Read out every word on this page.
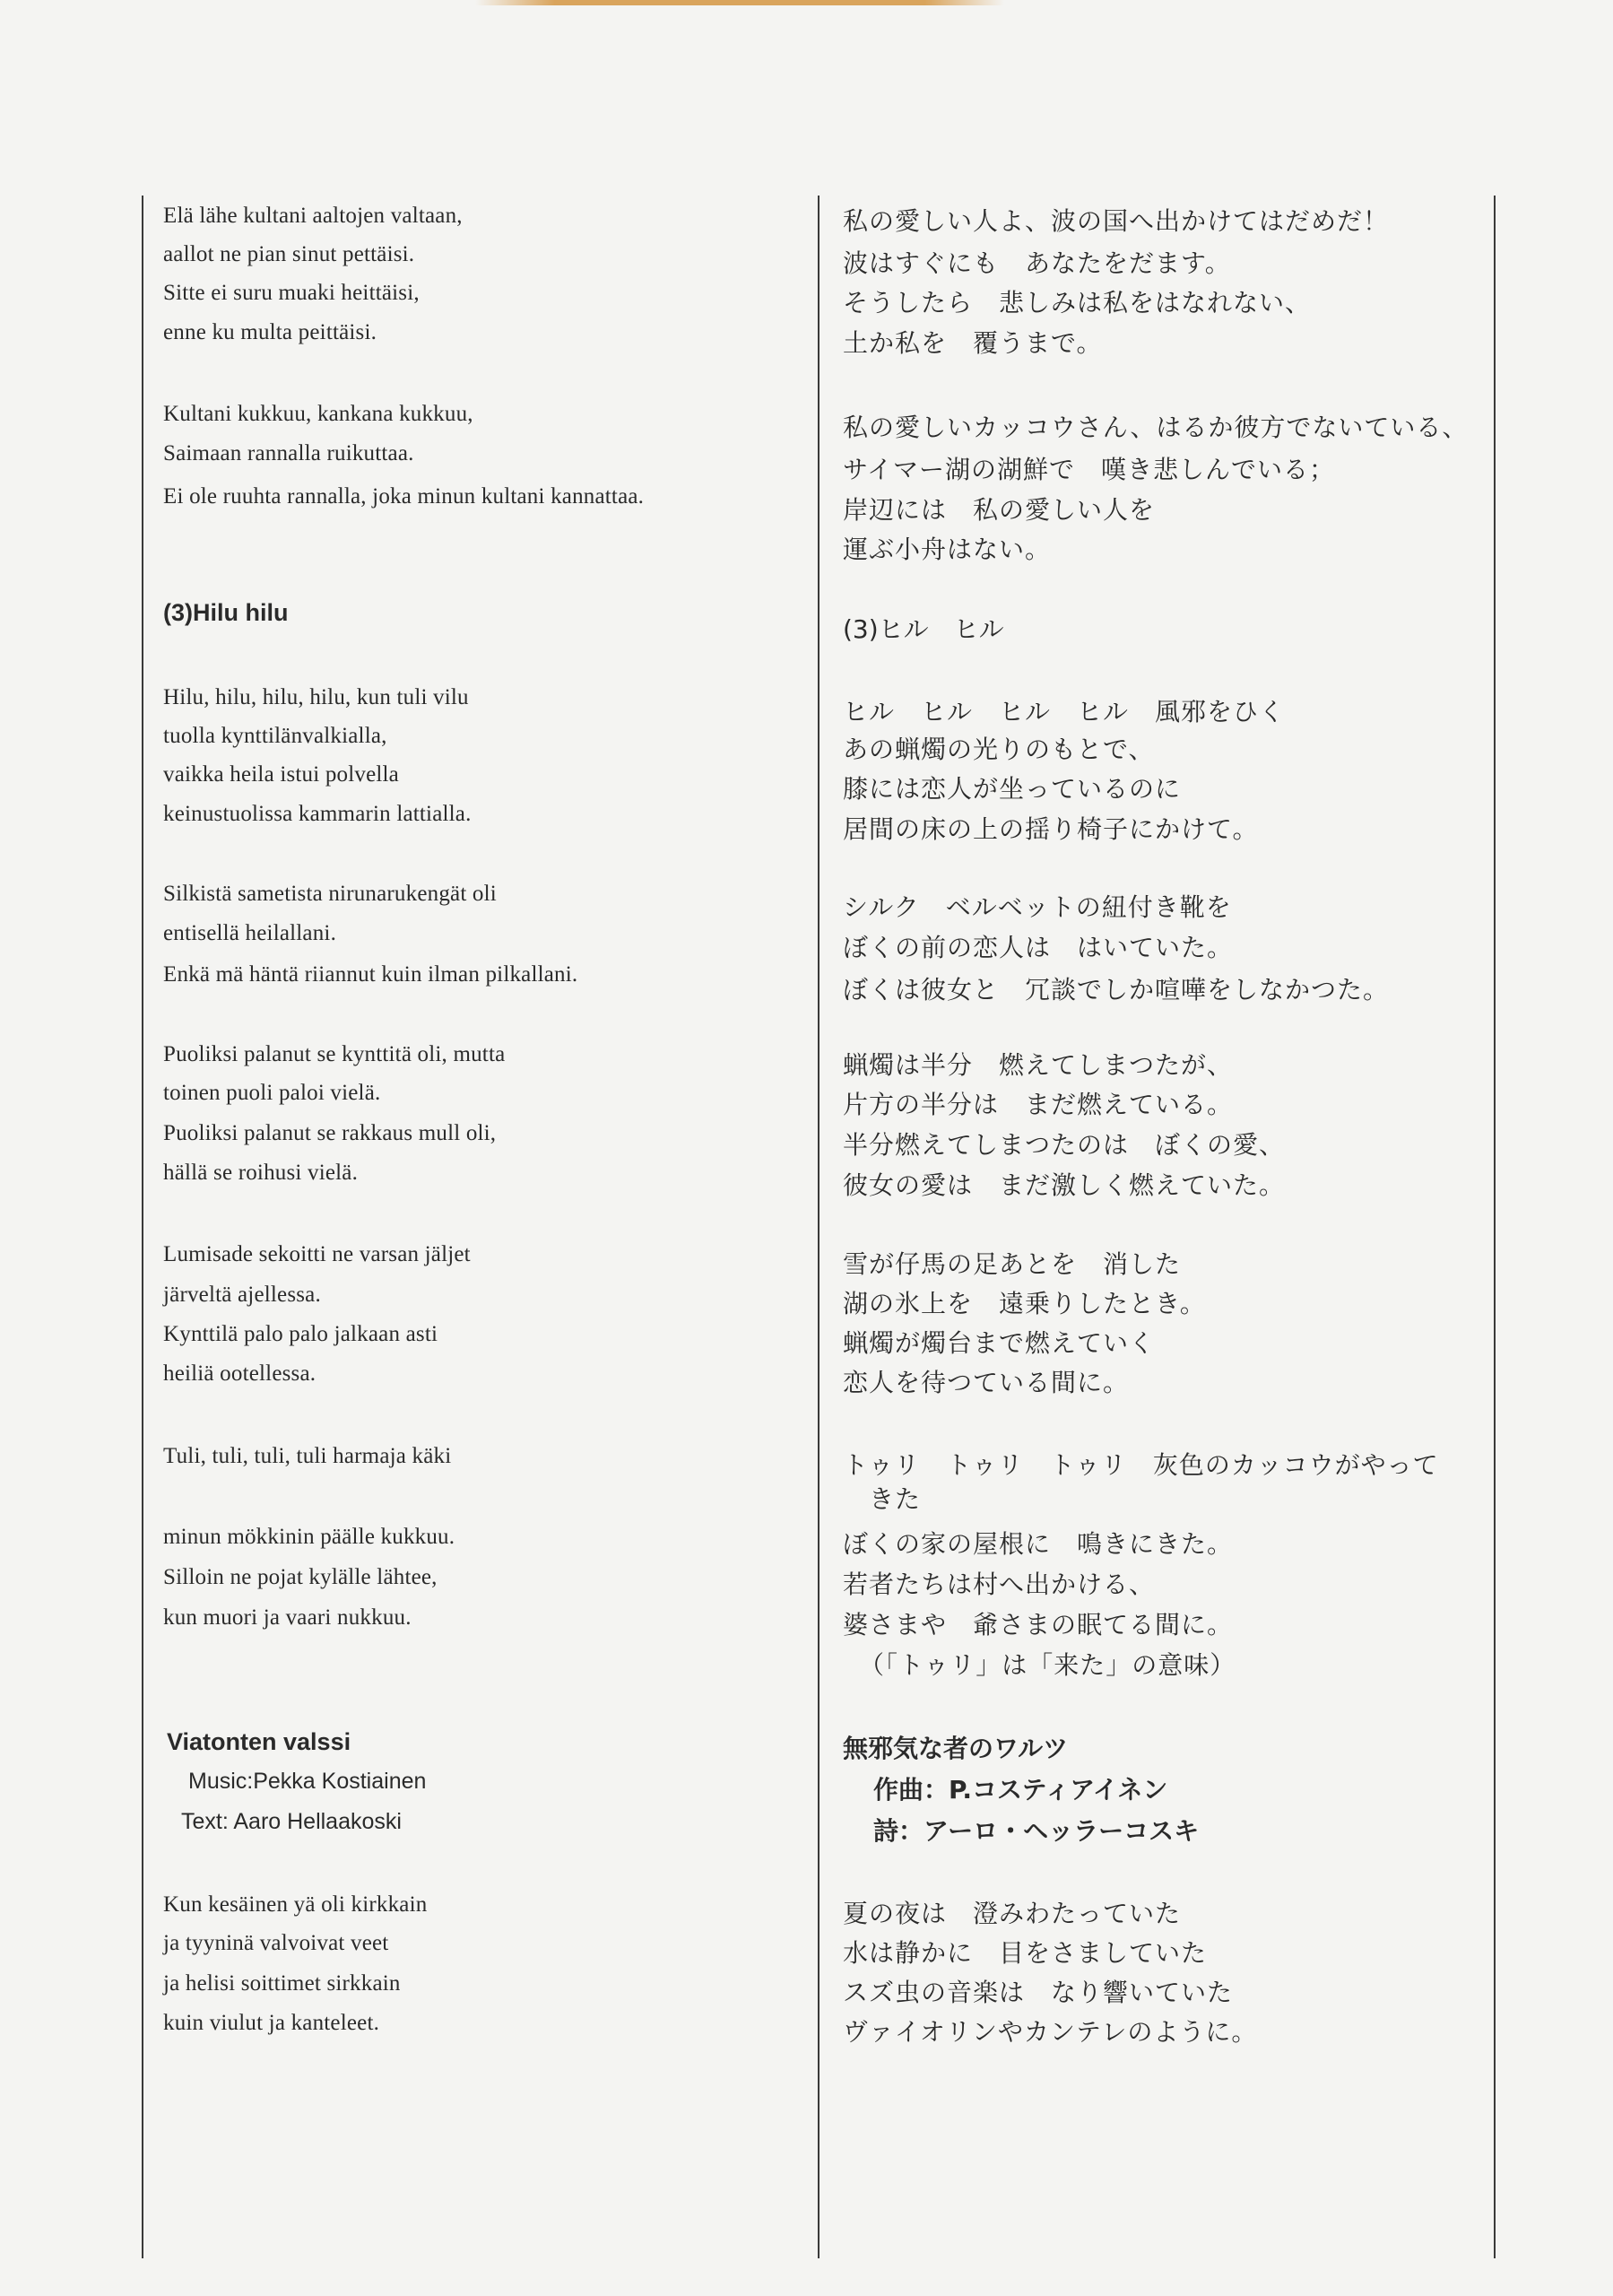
Elä lähe kultani aaltojen valtaan,
aallot ne pian sinut pettäisi.
Sitte ei suru muaki heittäisi,
enne ku multa peittäisi.
Kultani kukkuu, kankana kukkuu,
Saimaan rannalla ruikuttaa.
Ei ole ruuhta rannalla, joka minun kultani kannattaa.
(3)Hilu hilu
Hilu, hilu, hilu, hilu, kun tuli vilu
tuolla kynttilänvalkialla,
vaikka heila istui polvella
keinustuolissa kammarin lattialla.
Silkistä sametista nirunarukengät oli
entisellä heilallani.
Enkä mä häntä riiannut kuin ilman pilkallani.
Puoliksi palanut se kynttitä oli, mutta
toinen puoli paloi vielä.
Puoliksi palanut se rakkaus mull oli,
hällä se roihusi vielä.
Lumisade sekoitti ne varsan jäljet
järveltä ajellessa.
Kynttilä palo palo jalkaan asti
heiliä ootellessa.
Tuli, tuli, tuli, tuli harmaja käki
minun mökkinin päälle kukkuu.
Silloin ne pojat kylälle lähtee,
kun muori ja vaari nukkuu.
Viatonten valssi
Music:Pekka Kostiainen
Text: Aaro Hellaakoski
Kun kesäinen yä oli kirkkain
ja tyyninä valvoivat veet
ja helisi soittimet sirkkain
kuin viulut ja kanteleet.
私の愛しい人よ、波の国へ出かけてはだめだ！
波はすぐにも　あなたをだます。
そうしたら　悲しみは私をはなれない、
土か私を　覆うまで。
私の愛しいカッコウさん、はるか彼方でないている、
サイマー湖の湖鮮で　嘆き悲しんでいる；
岸辺には　私の愛しい人を
運ぶ小舟はない。
(3)ヒル　ヒル
ヒル　ヒル　ヒル　ヒル　風邪をひく
あの蝋燭の光りのもとで、
膝には恋人が坐っているのに
居間の床の上の揺り椅子にかけて。
シルク　ベルベットの紐付き靴を
ぼくの前の恋人は　はいていた。
ぼくは彼女と　冗談でしか喧嘩をしなかつた。
蝋燭は半分　燃えてしまつたが、
片方の半分は　まだ燃えている。
半分燃えてしまつたのは　ぼくの愛、
彼女の愛は　まだ激しく燃えていた。
雪が仔馬の足あとを　消した
湖の氷上を　遠乗りしたとき。
蝋燭が燭台まで燃えていく
恋人を待つている間に。
トゥリ　トゥリ　トゥリ　灰色のカッコウがやって
　きた
ぼくの家の屋根に　鳴きにきた。
若者たちは村へ出かける、
婆さまや　爺さまの眠てる間に。
（「トゥリ」は「来た」の意味）
無邪気な者のワルツ
作曲：P.コスティアイネン
詩：アーロ・ヘッラーコスキ
夏の夜は　澄みわたっていた
水は静かに　目をさましていた
スズ虫の音楽は　なり響いていた
ヴァイオリンやカンテレのように。
